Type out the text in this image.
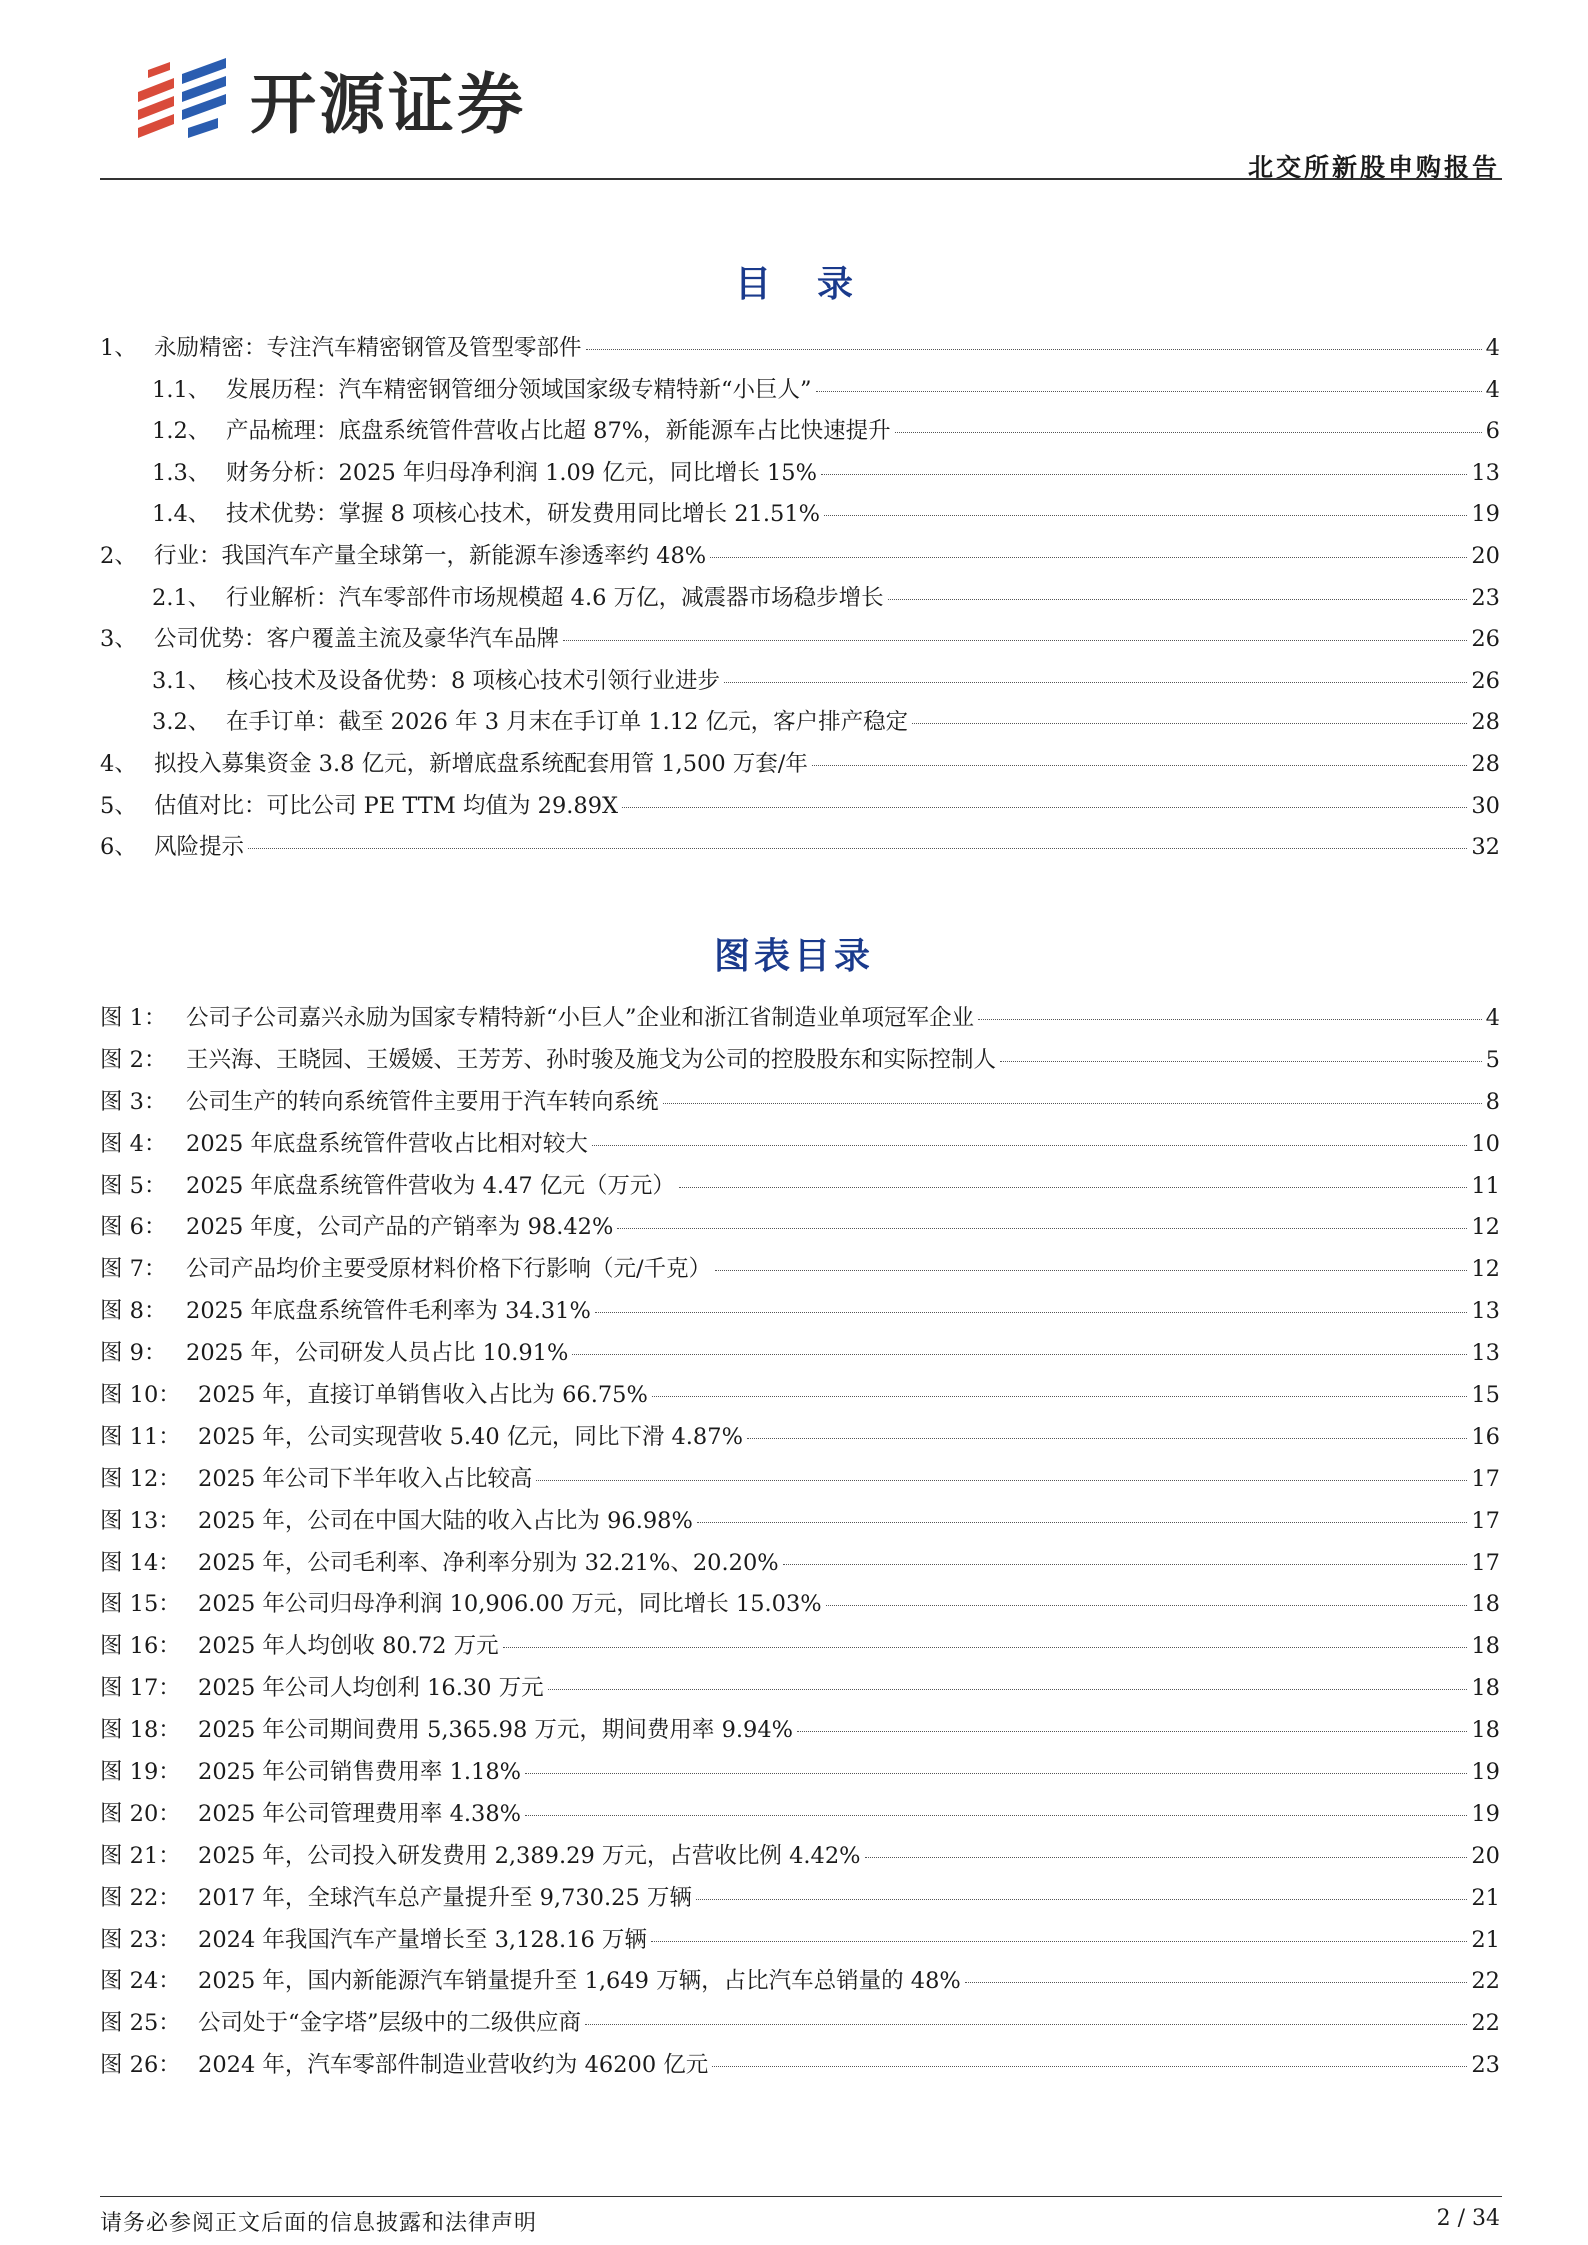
开源证券
北交所新股申购报告
目录
1、 永励精密：专注汽车精密钢管及管型零部件	4
1.1、 发展历程：汽车精密钢管细分领域国家级专精特新“小巨人”	4
1.2、 产品梳理：底盘系统管件营收占比超 87%，新能源车占比快速提升	6
1.3、 财务分析：2025 年归母净利润 1.09 亿元，同比增长 15%	13
1.4、 技术优势：掌握 8 项核心技术，研发费用同比增长 21.51%	19
2、 行业：我国汽车产量全球第一，新能源车渗透率约 48%	20
2.1、 行业解析：汽车零部件市场规模超 4.6 万亿，减震器市场稳步增长	23
3、 公司优势：客户覆盖主流及豪华汽车品牌	26
3.1、 核心技术及设备优势：8 项核心技术引领行业进步	26
3.2、 在手订单：截至 2026 年 3 月末在手订单 1.12 亿元，客户排产稳定	28
4、 拟投入募集资金 3.8 亿元，新增底盘系统配套用管 1,500 万套/年	28
5、 估值对比：可比公司 PE TTM 均值为 29.89X	30
6、 风险提示	32
图表目录
图 1： 公司子公司嘉兴永励为国家专精特新“小巨人”企业和浙江省制造业单项冠军企业	4
图 2： 王兴海、王晓园、王媛媛、王芳芳、孙时骏及施戈为公司的控股股东和实际控制人	5
图 3： 公司生产的转向系统管件主要用于汽车转向系统	8
图 4： 2025 年底盘系统管件营收占比相对较大	10
图 5： 2025 年底盘系统管件营收为 4.47 亿元（万元）	11
图 6： 2025 年度，公司产品的产销率为 98.42%	12
图 7： 公司产品均价主要受原材料价格下行影响（元/千克）	12
图 8： 2025 年底盘系统管件毛利率为 34.31%	13
图 9： 2025 年，公司研发人员占比 10.91%	13
图 10： 2025 年，直接订单销售收入占比为 66.75%	15
图 11： 2025 年，公司实现营收 5.40 亿元，同比下滑 4.87%	16
图 12： 2025 年公司下半年收入占比较高	17
图 13： 2025 年，公司在中国大陆的收入占比为 96.98%	17
图 14： 2025 年，公司毛利率、净利率分别为 32.21%、20.20%	17
图 15： 2025 年公司归母净利润 10,906.00 万元，同比增长 15.03%	18
图 16： 2025 年人均创收 80.72 万元	18
图 17： 2025 年公司人均创利 16.30 万元	18
图 18： 2025 年公司期间费用 5,365.98 万元，期间费用率 9.94%	18
图 19： 2025 年公司销售费用率 1.18%	19
图 20： 2025 年公司管理费用率 4.38%	19
图 21： 2025 年，公司投入研发费用 2,389.29 万元，占营收比例 4.42%	20
图 22： 2017 年，全球汽车总产量提升至 9,730.25 万辆	21
图 23： 2024 年我国汽车产量增长至 3,128.16 万辆	21
图 24： 2025 年，国内新能源汽车销量提升至 1,649 万辆，占比汽车总销量的 48%	22
图 25： 公司处于“金字塔”层级中的二级供应商	22
图 26： 2024 年，汽车零部件制造业营收约为 46200 亿元	23
请务必参阅正文后面的信息披露和法律声明	2 / 34
